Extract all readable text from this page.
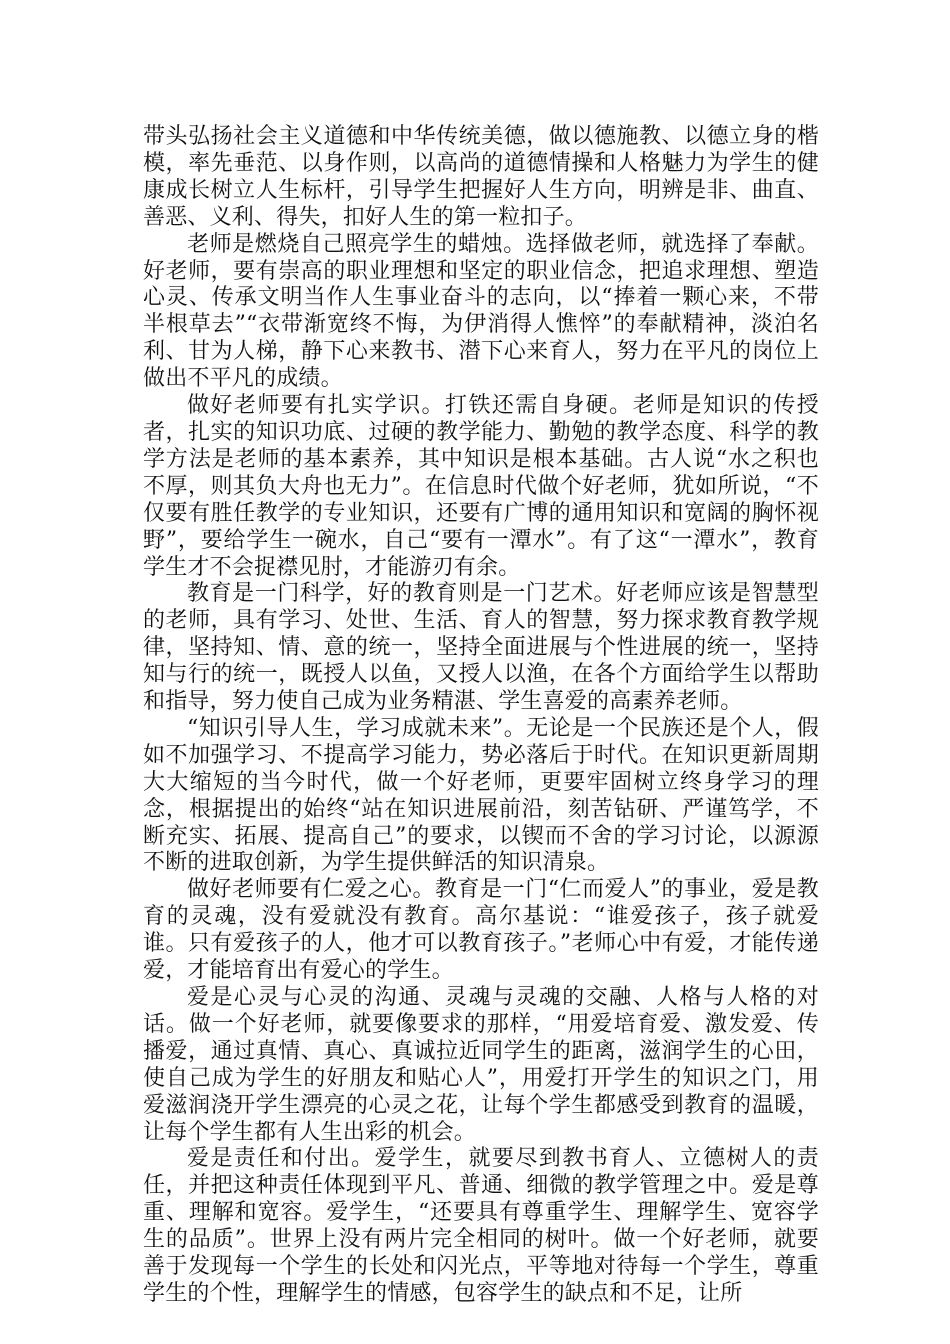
带头弘扬社会主义道德和中华传统美德，做以德施教、以德立身的楷模，率先垂范、以身作则，以高尚的道德情操和人格魅力为学生的健康成长树立人生标杆，引导学生把握好人生方向，明辨是非、曲直、善恶、义利、得失，扣好人生的第一粒扣子。

老师是燃烧自己照亮学生的蜡烛。选择做老师，就选择了奉献。好老师，要有崇高的职业理想和坚定的职业信念，把追求理想、塑造心灵、传承文明当作人生事业奋斗的志向，以“捧着一颗心来，不带半根草去”“衣带渐宽终不悔，为伊消得人憔悴”的奉献精神，淡泊名利、甘为人梯，静下心来教书、潜下心来育人，努力在平凡的岗位上做出不平凡的成绩。

做好老师要有扎实学识。打铁还需自身硬。老师是知识的传授者，扎实的知识功底、过硬的教学能力、勤勉的教学态度、科学的教学方法是老师的基本素养，其中知识是根本基础。古人说“水之积也不厚，则其负大舟也无力”。在信息时代做个好老师，犹如所说，“不仅要有胜任教学的专业知识，还要有广博的通用知识和宽阔的胸怀视野”，要给学生一碗水，自己“要有一潭水”。有了这“一潭水”，教育学生才不会捉襟见肘，才能游刃有余。

教育是一门科学，好的教育则是一门艺术。好老师应该是智慧型的老师，具有学习、处世、生活、育人的智慧，努力探求教育教学规律，坚持知、情、意的统一，坚持全面进展与个性进展的统一，坚持知与行的统一，既授人以鱼，又授人以渔，在各个方面给学生以帮助和指导，努力使自己成为业务精湛、学生喜爱的高素养老师。

“知识引导人生，学习成就未来”。无论是一个民族还是个人，假如不加强学习、不提高学习能力，势必落后于时代。在知识更新周期大大缩短的当今时代，做一个好老师，更要牢固树立终身学习的理念，根据提出的始终“站在知识进展前沿，刻苦钻研、严谨笃学，不断充实、拓展、提高自己”的要求，以锲而不舍的学习讨论，以源源不断的进取创新，为学生提供鲜活的知识清泉。

做好老师要有仁爱之心。教育是一门“仁而爱人”的事业，爱是教育的灵魂，没有爱就没有教育。高尔基说：“谁爱孩子，孩子就爱谁。只有爱孩子的人，他才可以教育孩子。”老师心中有爱，才能传递爱，才能培育出有爱心的学生。

爱是心灵与心灵的沟通、灵魂与灵魂的交融、人格与人格的对话。做一个好老师，就要像要求的那样，“用爱培育爱、激发爱、传播爱，通过真情、真心、真诚拉近同学生的距离，滋润学生的心田，使自己成为学生的好朋友和贴心人”，用爱打开学生的知识之门，用爱滋润浇开学生漂亮的心灵之花，让每个学生都感受到教育的温暖，让每个学生都有人生出彩的机会。

爱是责任和付出。爱学生，就要尽到教书育人、立德树人的责任，并把这种责任体现到平凡、普通、细微的教学管理之中。爱是尊重、理解和宽容。爱学生，“还要具有尊重学生、理解学生、宽容学生的品质”。世界上没有两片完全相同的树叶。做一个好老师，就要善于发现每一个学生的长处和闪光点，平等地对待每一个学生，尊重学生的个性，理解学生的情感，包容学生的缺点和不足，让所
